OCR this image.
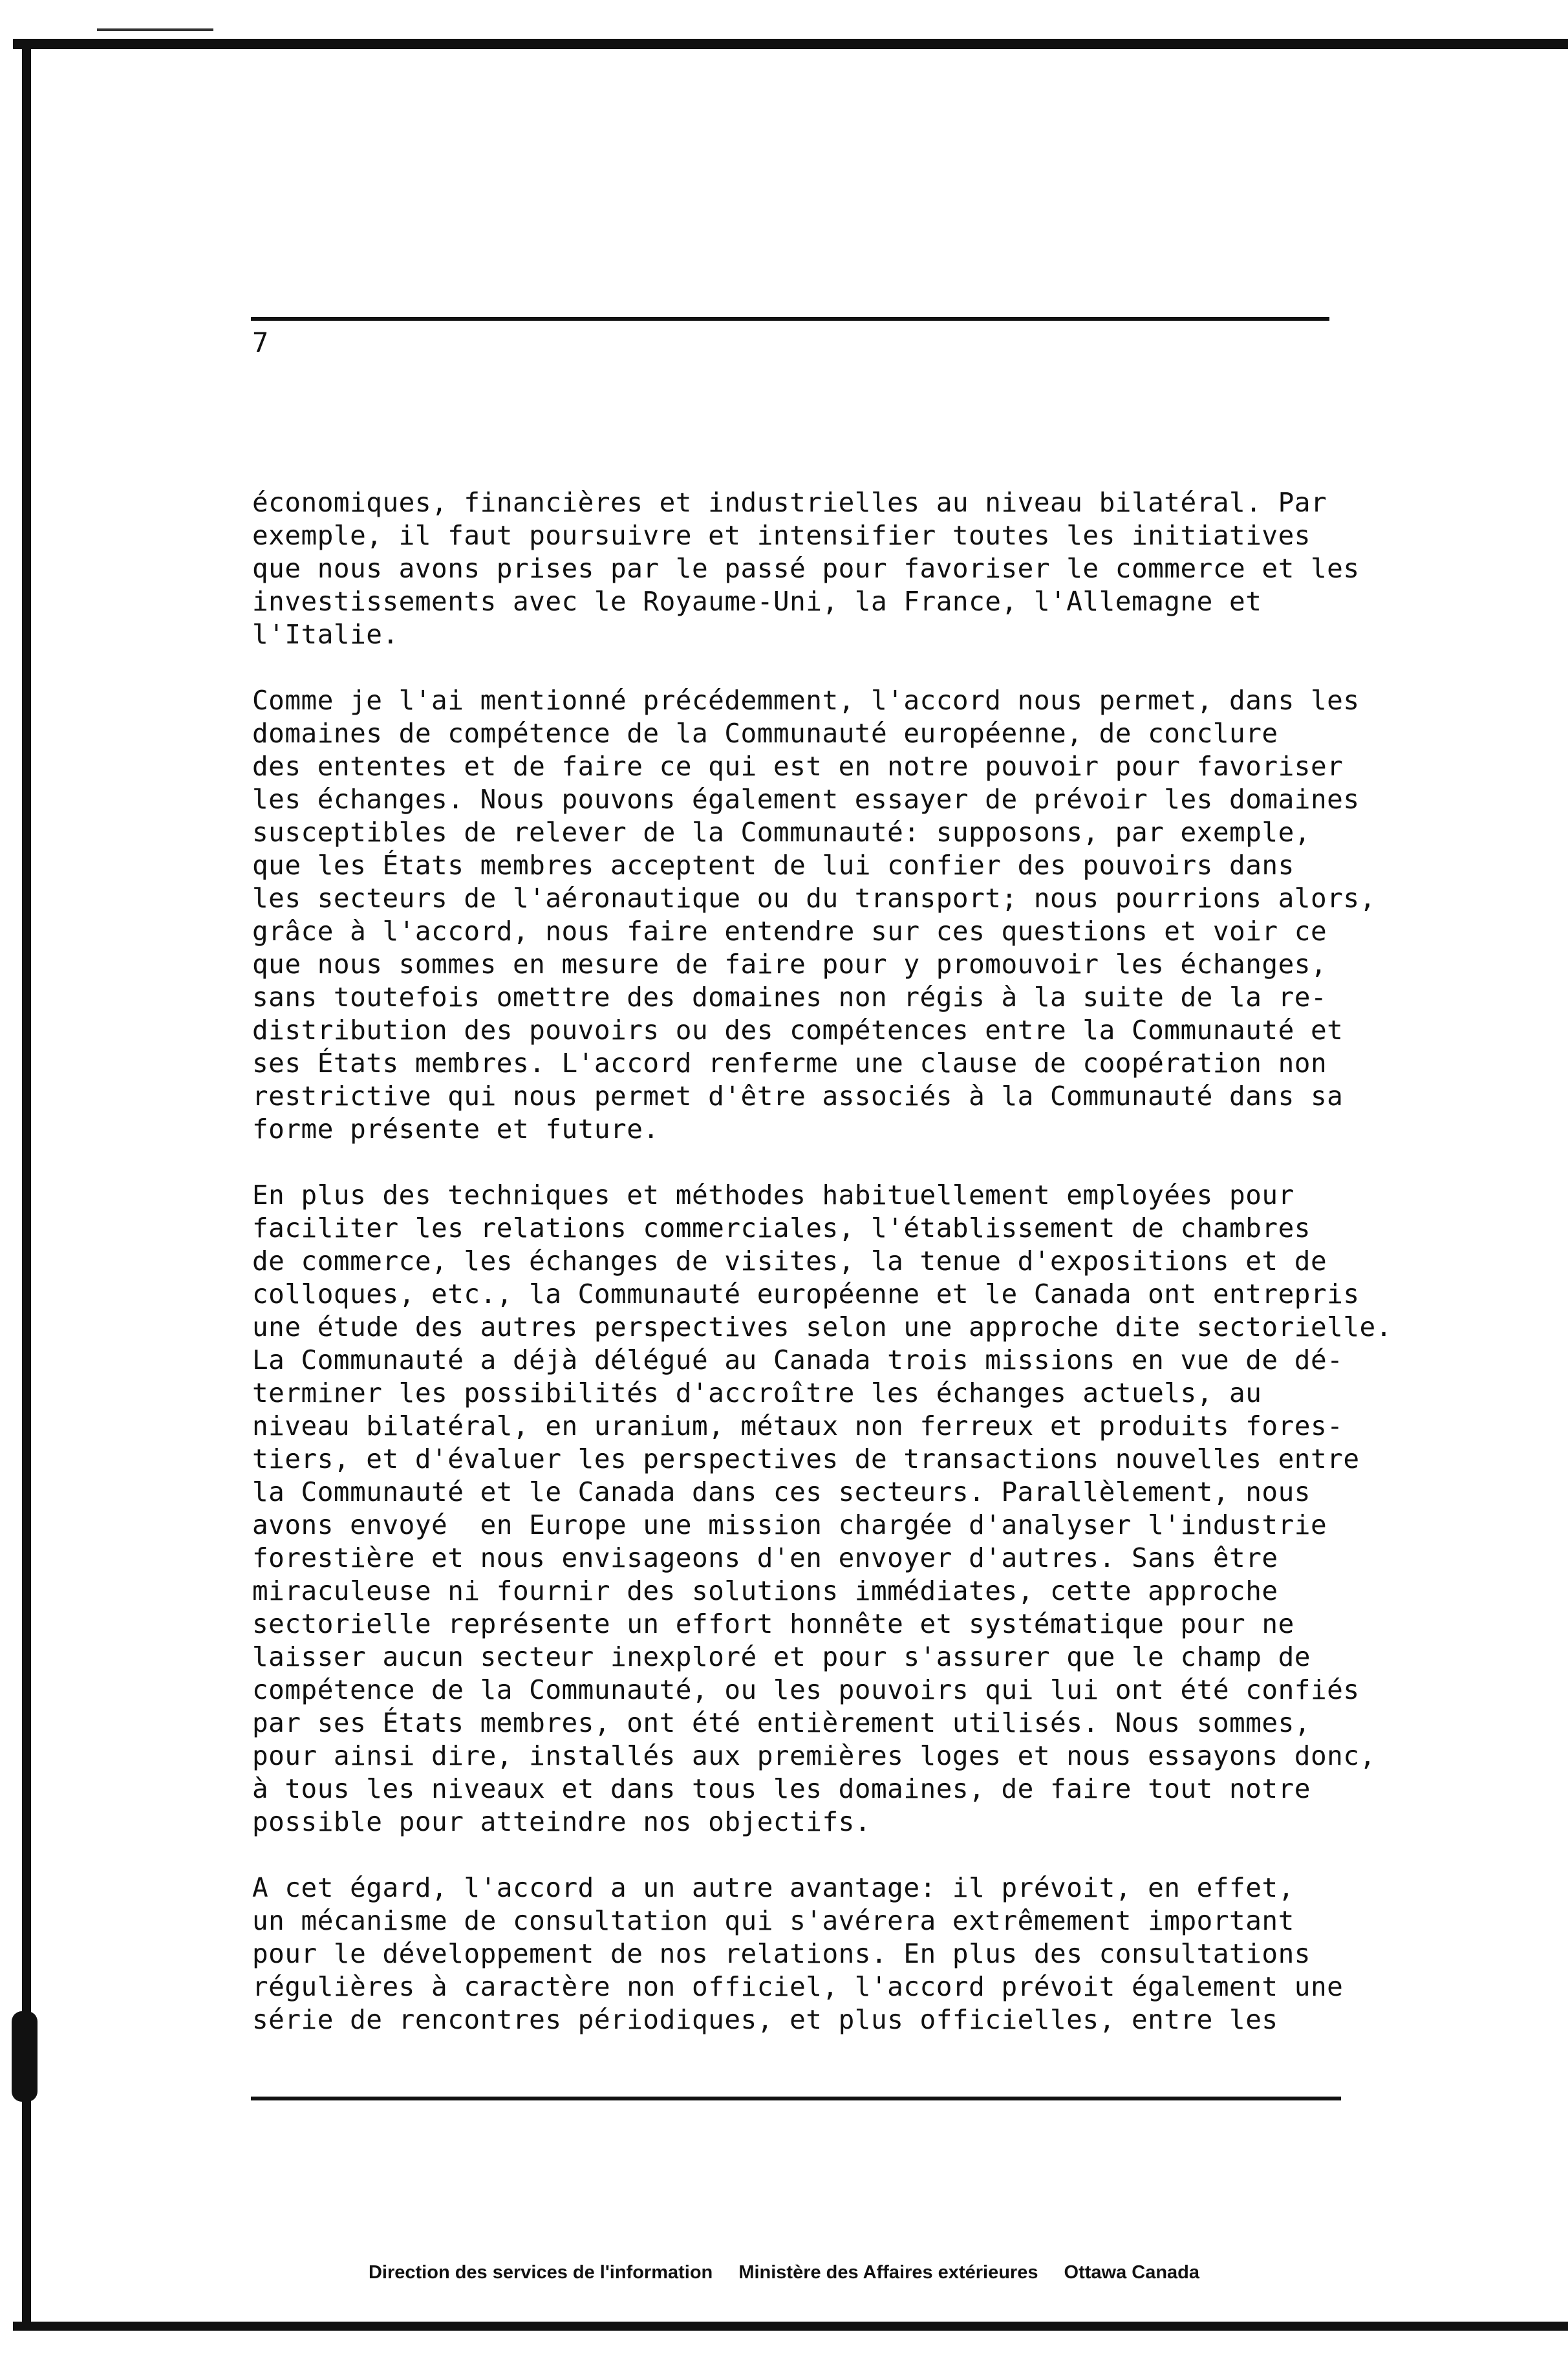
7
économiques, financières et industrielles au niveau bilatéral. Par
exemple, il faut poursuivre et intensifier toutes les initiatives
que nous avons prises par le passé pour favoriser le commerce et les
investissements avec le Royaume-Uni, la France, l'Allemagne et
l'Italie.
Comme je l'ai mentionné précédemment, l'accord nous permet, dans les
domaines de compétence de la Communauté européenne, de conclure
des ententes et de faire ce qui est en notre pouvoir pour favoriser
les échanges. Nous pouvons également essayer de prévoir les domaines
susceptibles de relever de la Communauté: supposons, par exemple,
que les États membres acceptent de lui confier des pouvoirs dans
les secteurs de l'aéronautique ou du transport; nous pourrions alors,
grâce à l'accord, nous faire entendre sur ces questions et voir ce
que nous sommes en mesure de faire pour y promouvoir les échanges,
sans toutefois omettre des domaines non régis à la suite de la re-
distribution des pouvoirs ou des compétences entre la Communauté et
ses États membres. L'accord renferme une clause de coopération non
restrictive qui nous permet d'être associés à la Communauté dans sa
forme présente et future.
En plus des techniques et méthodes habituellement employées pour
faciliter les relations commerciales, l'établissement de chambres
de commerce, les échanges de visites, la tenue d'expositions et de
colloques, etc., la Communauté européenne et le Canada ont entrepris
une étude des autres perspectives selon une approche dite sectorielle.
La Communauté a déjà délégué au Canada trois missions en vue de dé-
terminer les possibilités d'accroître les échanges actuels, au
niveau bilatéral, en uranium, métaux non ferreux et produits fores-
tiers, et d'évaluer les perspectives de transactions nouvelles entre
la Communauté et le Canada dans ces secteurs. Parallèlement, nous
avons envoyé  en Europe une mission chargée d'analyser l'industrie
forestière et nous envisageons d'en envoyer d'autres. Sans être
miraculeuse ni fournir des solutions immédiates, cette approche
sectorielle représente un effort honnête et systématique pour ne
laisser aucun secteur inexploré et pour s'assurer que le champ de
compétence de la Communauté, ou les pouvoirs qui lui ont été confiés
par ses États membres, ont été entièrement utilisés. Nous sommes,
pour ainsi dire, installés aux premières loges et nous essayons donc,
à tous les niveaux et dans tous les domaines, de faire tout notre
possible pour atteindre nos objectifs.
A cet égard, l'accord a un autre avantage: il prévoit, en effet,
un mécanisme de consultation qui s'avérera extrêmement important
pour le développement de nos relations. En plus des consultations
régulières à caractère non officiel, l'accord prévoit également une
série de rencontres périodiques, et plus officielles, entre les
Direction des services de l'information Ministère des Affaires extérieures Ottawa Canada
